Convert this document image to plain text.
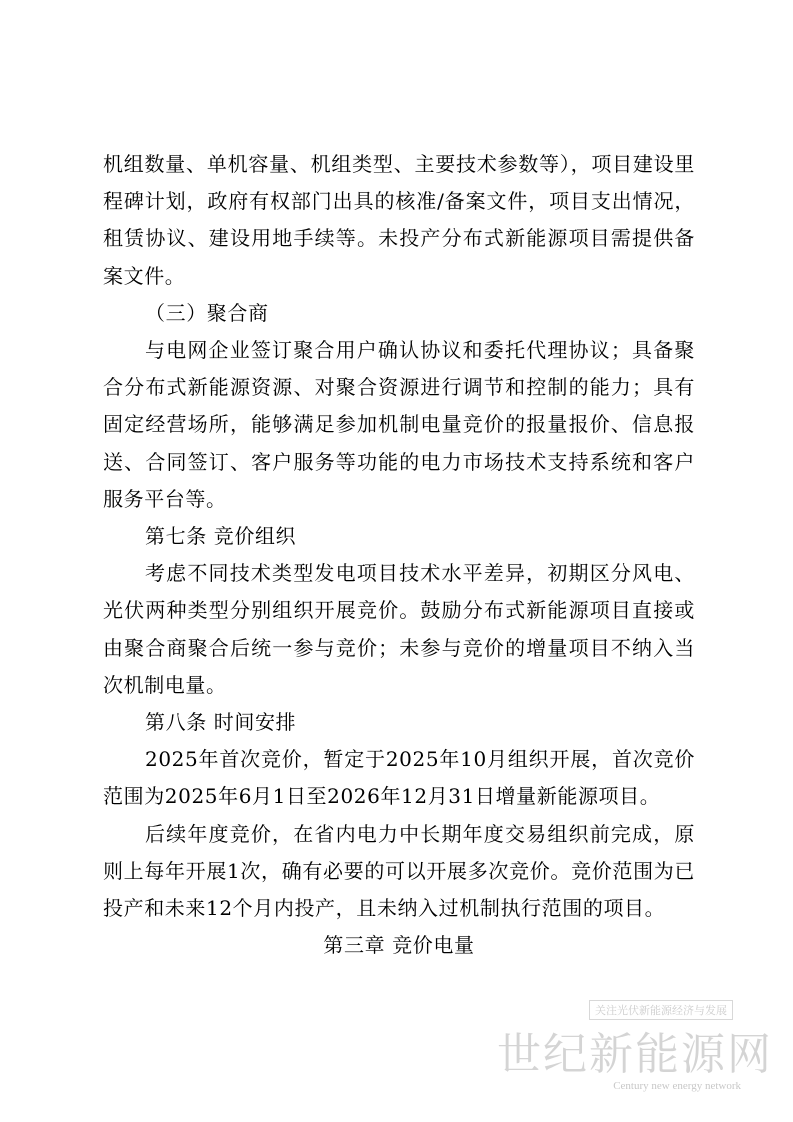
机组数量、单机容量、机组类型、主要技术参数等），项目建设里程碑计划，政府有权部门出具的核准/备案文件，项目支出情况，租赁协议、建设用地手续等。未投产分布式新能源项目需提供备案文件。

（三）聚合商

与电网企业签订聚合用户确认协议和委托代理协议；具备聚合分布式新能源资源、对聚合资源进行调节和控制的能力；具有固定经营场所，能够满足参加机制电量竞价的报量报价、信息报送、合同签订、客户服务等功能的电力市场技术支持系统和客户服务平台等。

第七条 竞价组织

考虑不同技术类型发电项目技术水平差异，初期区分风电、光伏两种类型分别组织开展竞价。鼓励分布式新能源项目直接或由聚合商聚合后统一参与竞价；未参与竞价的增量项目不纳入当次机制电量。

第八条 时间安排

2025年首次竞价，暂定于2025年10月组织开展，首次竞价范围为2025年6月1日至2026年12月31日增量新能源项目。

后续年度竞价，在省内电力中长期年度交易组织前完成，原则上每年开展1次，确有必要的可以开展多次竞价。竞价范围为已投产和未来12个月内投产，且未纳入过机制执行范围的项目。

第三章 竞价电量

关注光伏新能源经济与发展
世纪新能源网
Century new energy network
